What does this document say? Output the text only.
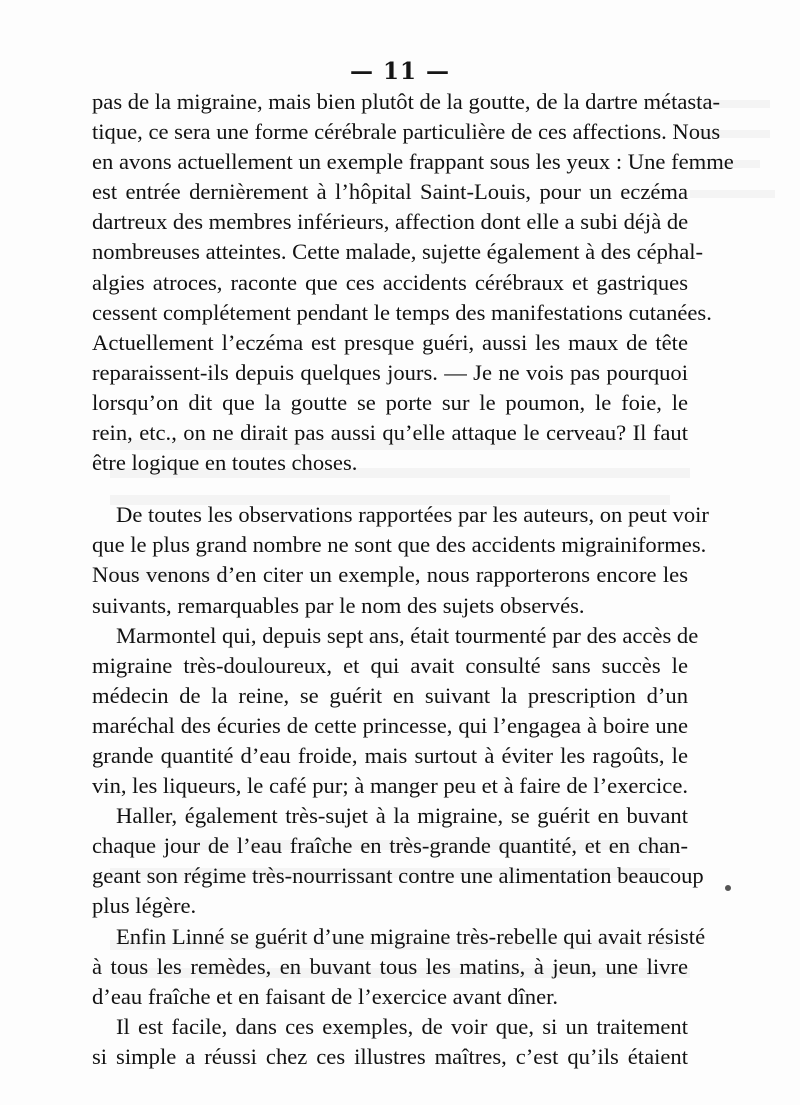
— 11 —
pas de la migraine, mais bien plutôt de la goutte, de la dartre métasta-
tique, ce sera une forme cérébrale particulière de ces affections. Nous
en avons actuellement un exemple frappant sous les yeux : Une femme
est entrée dernièrement à l’hôpital Saint-Louis, pour un eczéma
dartreux des membres inférieurs, affection dont elle a subi déjà de
nombreuses atteintes. Cette malade, sujette également à des céphal-
algies atroces, raconte que ces accidents cérébraux et gastriques
cessent complétement pendant le temps des manifestations cutanées.
Actuellement l’eczéma est presque guéri, aussi les maux de tête
reparaissent-ils depuis quelques jours. — Je ne vois pas pourquoi
lorsqu’on dit que la goutte se porte sur le poumon, le foie, le
rein, etc., on ne dirait pas aussi qu’elle attaque le cerveau? Il faut
être logique en toutes choses.
De toutes les observations rapportées par les auteurs, on peut voir
que le plus grand nombre ne sont que des accidents migrainiformes.
Nous venons d’en citer un exemple, nous rapporterons encore les
suivants, remarquables par le nom des sujets observés.
Marmontel qui, depuis sept ans, était tourmenté par des accès de
migraine très-douloureux, et qui avait consulté sans succès le
médecin de la reine, se guérit en suivant la prescription d’un
maréchal des écuries de cette princesse, qui l’engagea à boire une
grande quantité d’eau froide, mais surtout à éviter les ragoûts, le
vin, les liqueurs, le café pur; à manger peu et à faire de l’exercice.
Haller, également très-sujet à la migraine, se guérit en buvant
chaque jour de l’eau fraîche en très-grande quantité, et en chan-
geant son régime très-nourrissant contre une alimentation beaucoup
plus légère.
Enfin Linné se guérit d’une migraine très-rebelle qui avait résisté
à tous les remèdes, en buvant tous les matins, à jeun, une livre
d’eau fraîche et en faisant de l’exercice avant dîner.
Il est facile, dans ces exemples, de voir que, si un traitement
si simple a réussi chez ces illustres maîtres, c’est qu’ils étaient
